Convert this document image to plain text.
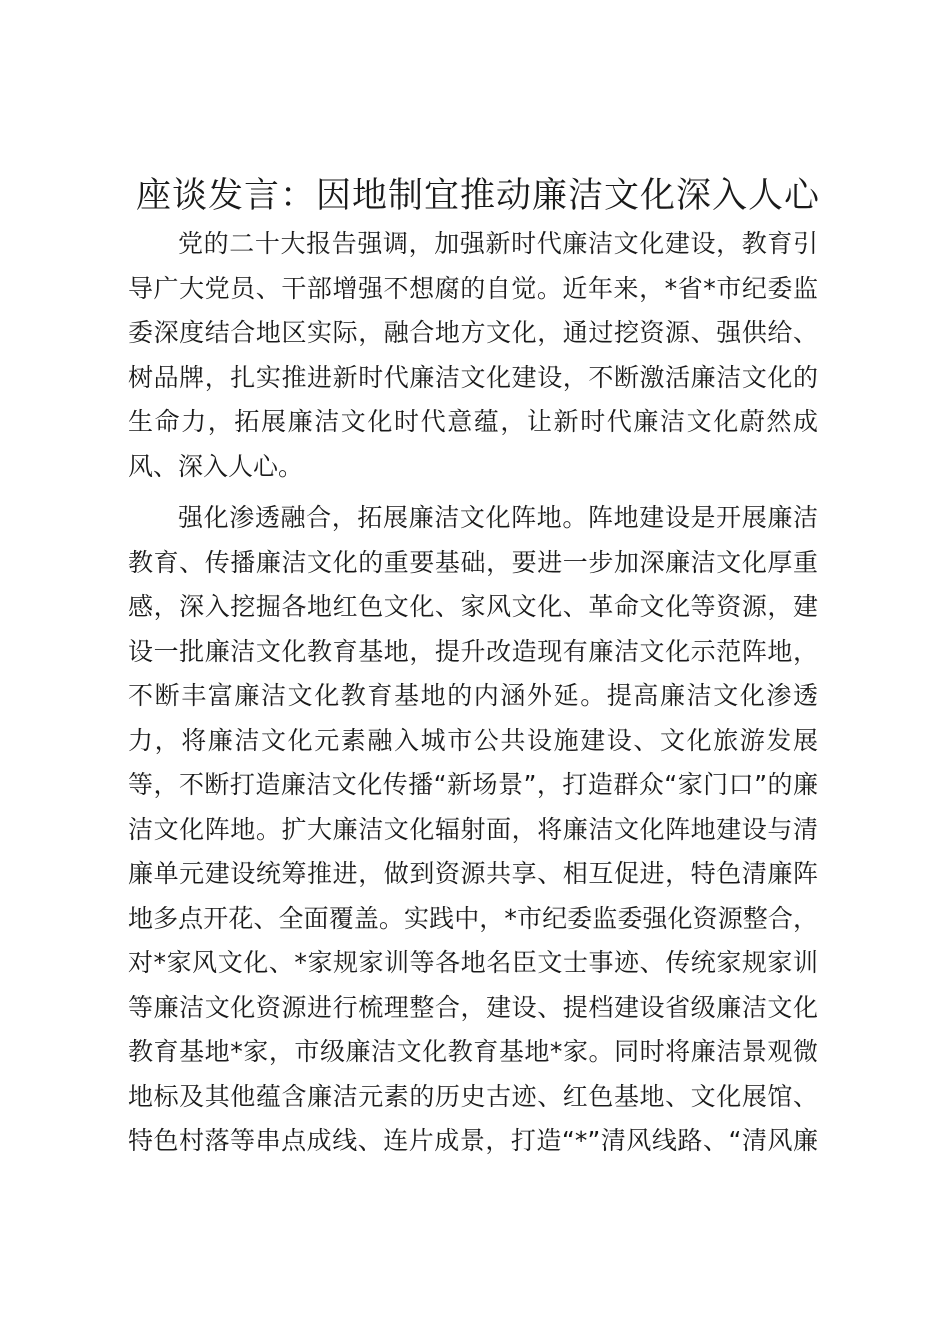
座谈发言：因地制宜推动廉洁文化深入人心

党的二十大报告强调，加强新时代廉洁文化建设，教育引
导广大党员、干部增强不想腐的自觉。近年来，*省*市纪委监
委深度结合地区实际，融合地方文化，通过挖资源、强供给、
树品牌，扎实推进新时代廉洁文化建设，不断激活廉洁文化的
生命力，拓展廉洁文化时代意蕴，让新时代廉洁文化蔚然成
风、深入人心。

强化渗透融合，拓展廉洁文化阵地。阵地建设是开展廉洁
教育、传播廉洁文化的重要基础，要进一步加深廉洁文化厚重
感，深入挖掘各地红色文化、家风文化、革命文化等资源，建
设一批廉洁文化教育基地，提升改造现有廉洁文化示范阵地，
不断丰富廉洁文化教育基地的内涵外延。提高廉洁文化渗透
力，将廉洁文化元素融入城市公共设施建设、文化旅游发展
等，不断打造廉洁文化传播“新场景”，打造群众“家门口”的廉
洁文化阵地。扩大廉洁文化辐射面，将廉洁文化阵地建设与清
廉单元建设统筹推进，做到资源共享、相互促进，特色清廉阵
地多点开花、全面覆盖。实践中，*市纪委监委强化资源整合，
对*家风文化、*家规家训等各地名臣文士事迹、传统家规家训
等廉洁文化资源进行梳理整合，建设、提档建设省级廉洁文化
教育基地*家，市级廉洁文化教育基地*家。同时将廉洁景观微
地标及其他蕴含廉洁元素的历史古迹、红色基地、文化展馆、
特色村落等串点成线、连片成景，打造“*”清风线路、“清风廉
